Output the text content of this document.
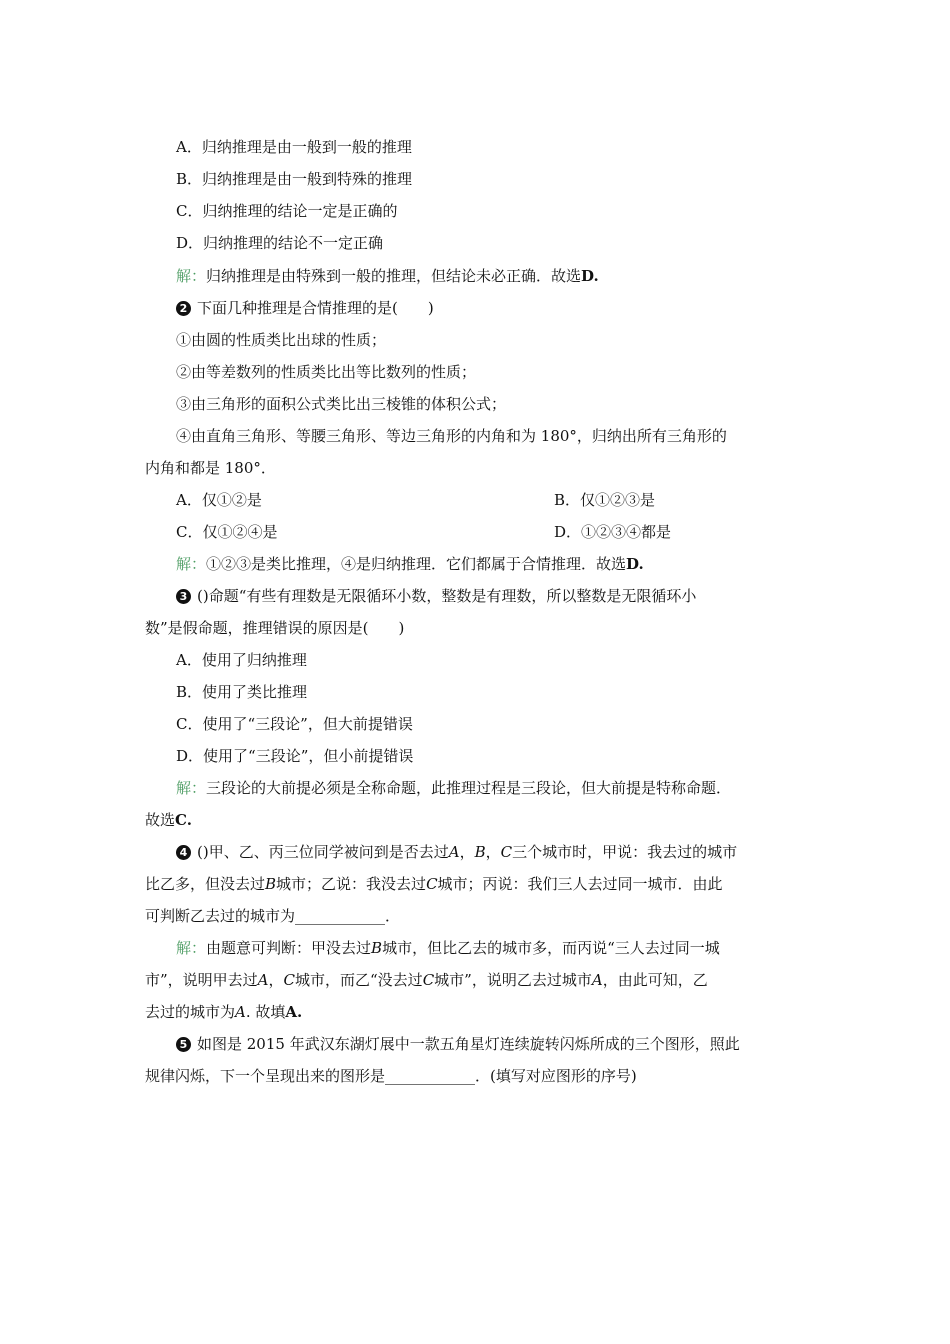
A．归纳推理是由一般到一般的推理
B．归纳推理是由一般到特殊的推理
C．归纳推理的结论一定是正确的
D．归纳推理的结论不一定正确
解：归纳推理是由特殊到一般的推理，但结论未必正确．故选D.
2 下面几种推理是合情推理的是(　　)
①由圆的性质类比出球的性质；
②由等差数列的性质类比出等比数列的性质；
③由三角形的面积公式类比出三棱锥的体积公式；
④由直角三角形、等腰三角形、等边三角形的内角和为 180°，归纳出所有三角形的
内角和都是 180°．
A．仅①②是	B．仅①②③是
C．仅①②④是	D．①②③④都是
解：①②③是类比推理，④是归纳推理．它们都属于合情推理．故选D.
3 ()命题“有些有理数是无限循环小数，整数是有理数，所以整数是无限循环小
数”是假命题，推理错误的原因是(　　)
A．使用了归纳推理
B．使用了类比推理
C．使用了“三段论”，但大前提错误
D．使用了“三段论”，但小前提错误
解：三段论的大前提必须是全称命题，此推理过程是三段论，但大前提是特称命题．
故选C.
4 ()甲、乙、丙三位同学被问到是否去过A，B，C三个城市时，甲说：我去过的城市
比乙多，但没去过B城市；乙说：我没去过C城市；丙说：我们三人去过同一城市．由此
可判断乙去过的城市为____________．
解：由题意可判断：甲没去过B城市，但比乙去的城市多，而丙说“三人去过同一城
市”，说明甲去过A，C城市，而乙“没去过C城市”，说明乙去过城市A，由此可知，乙
去过的城市为A. 故填A.
5 如图是 2015 年武汉东湖灯展中一款五角星灯连续旋转闪烁所成的三个图形，照此
规律闪烁，下一个呈现出来的图形是____________．(填写对应图形的序号)
